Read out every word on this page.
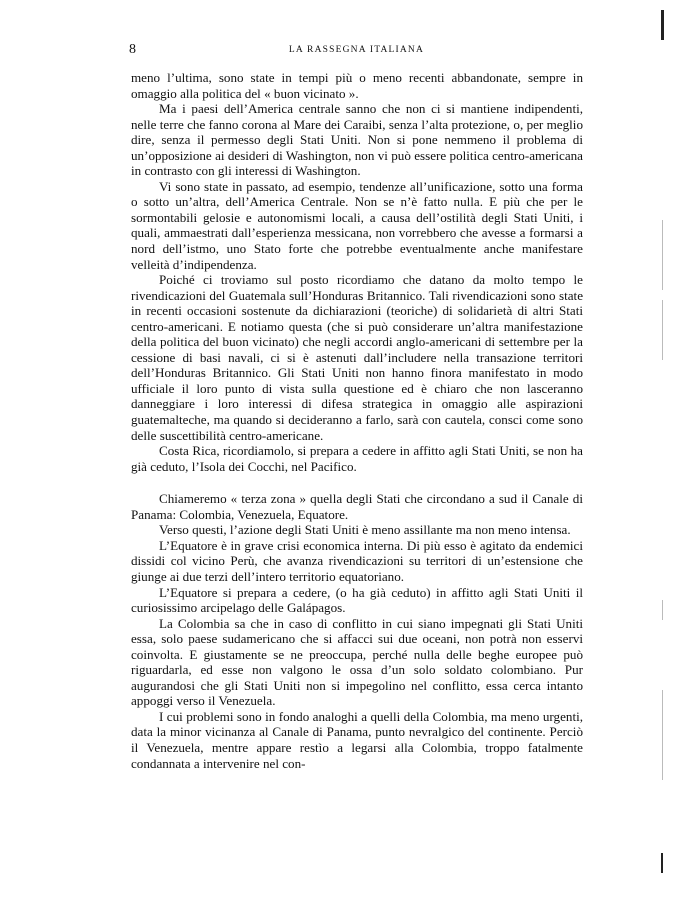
8	LA RASSEGNA ITALIANA

meno l’ultima, sono state in tempi più o meno recenti abbandonate, sempre in omaggio alla politica del « buon vicinato ».

Ma i paesi dell’America centrale sanno che non ci si mantiene indipendenti, nelle terre che fanno corona al Mare dei Caraibi, senza l’alta protezione, o, per meglio dire, senza il permesso degli Stati Uniti. Non si pone nemmeno il problema di un’opposizione ai desideri di Washington, non vi può essere politica centro-americana in contrasto con gli interessi di Washington.

Vi sono state in passato, ad esempio, tendenze all’unificazione, sotto una forma o sotto un’altra, dell’America Centrale. Non se n’è fatto nulla. E più che per le sormontabili gelosie e autonomismi locali, a causa dell’ostilità degli Stati Uniti, i quali, ammaestrati dall’esperienza messicana, non vorrebbero che avesse a formarsi a nord dell’istmo, uno Stato forte che potrebbe eventualmente anche manifestare velleità d’indipendenza.

Poiché ci troviamo sul posto ricordiamo che datano da molto tempo le rivendicazioni del Guatemala sull’Honduras Britannico. Tali rivendicazioni sono state in recenti occasioni sostenute da dichiarazioni (teoriche) di solidarietà di altri Stati centro-americani. E notiamo questa (che si può considerare un’altra manifestazione della politica del buon vicinato) che negli accordi anglo-americani di settembre per la cessione di basi navali, ci si è astenuti dall’includere nella transazione territori dell’Honduras Britannico. Gli Stati Uniti non hanno finora manifestato in modo ufficiale il loro punto di vista sulla questione ed è chiaro che non lasceranno danneggiare i loro interessi di difesa strategica in omaggio alle aspirazioni guatemalteche, ma quando si decideranno a farlo, sarà con cautela, consci come sono delle suscettibilità centro-americane.

Costa Rica, ricordiamolo, si prepara a cedere in affitto agli Stati Uniti, se non ha già ceduto, l’Isola dei Cocchi, nel Pacifico.

Chiameremo « terza zona » quella degli Stati che circondano a sud il Canale di Panama: Colombia, Venezuela, Equatore.

Verso questi, l’azione degli Stati Uniti è meno assillante ma non meno intensa.

L’Equatore è in grave crisi economica interna. Di più esso è agitato da endemici dissidi col vicino Perù, che avanza rivendicazioni su territori di un’estensione che giunge ai due terzi dell’intero territorio equatoriano.

L’Equatore si prepara a cedere, (o ha già ceduto) in affitto agli Stati Uniti il curiosissimo arcipelago delle Galápagos.

La Colombia sa che in caso di conflitto in cui siano impegnati gli Stati Uniti essa, solo paese sudamericano che si affacci sui due oceani, non potrà non esservi coinvolta. E giustamente se ne preoccupa, perché nulla delle beghe europee può riguardarla, ed esse non valgono le ossa d’un solo soldato colombiano. Pur augurandosi che gli Stati Uniti non si impegolino nel conflitto, essa cerca intanto appoggi verso il Venezuela.

I cui problemi sono in fondo analoghi a quelli della Colombia, ma meno urgenti, data la minor vicinanza al Canale di Panama, punto nevralgico del continente. Perciò il Venezuela, mentre appare restìo a legarsi alla Colombia, troppo fatalmente condannata a intervenire nel con-
